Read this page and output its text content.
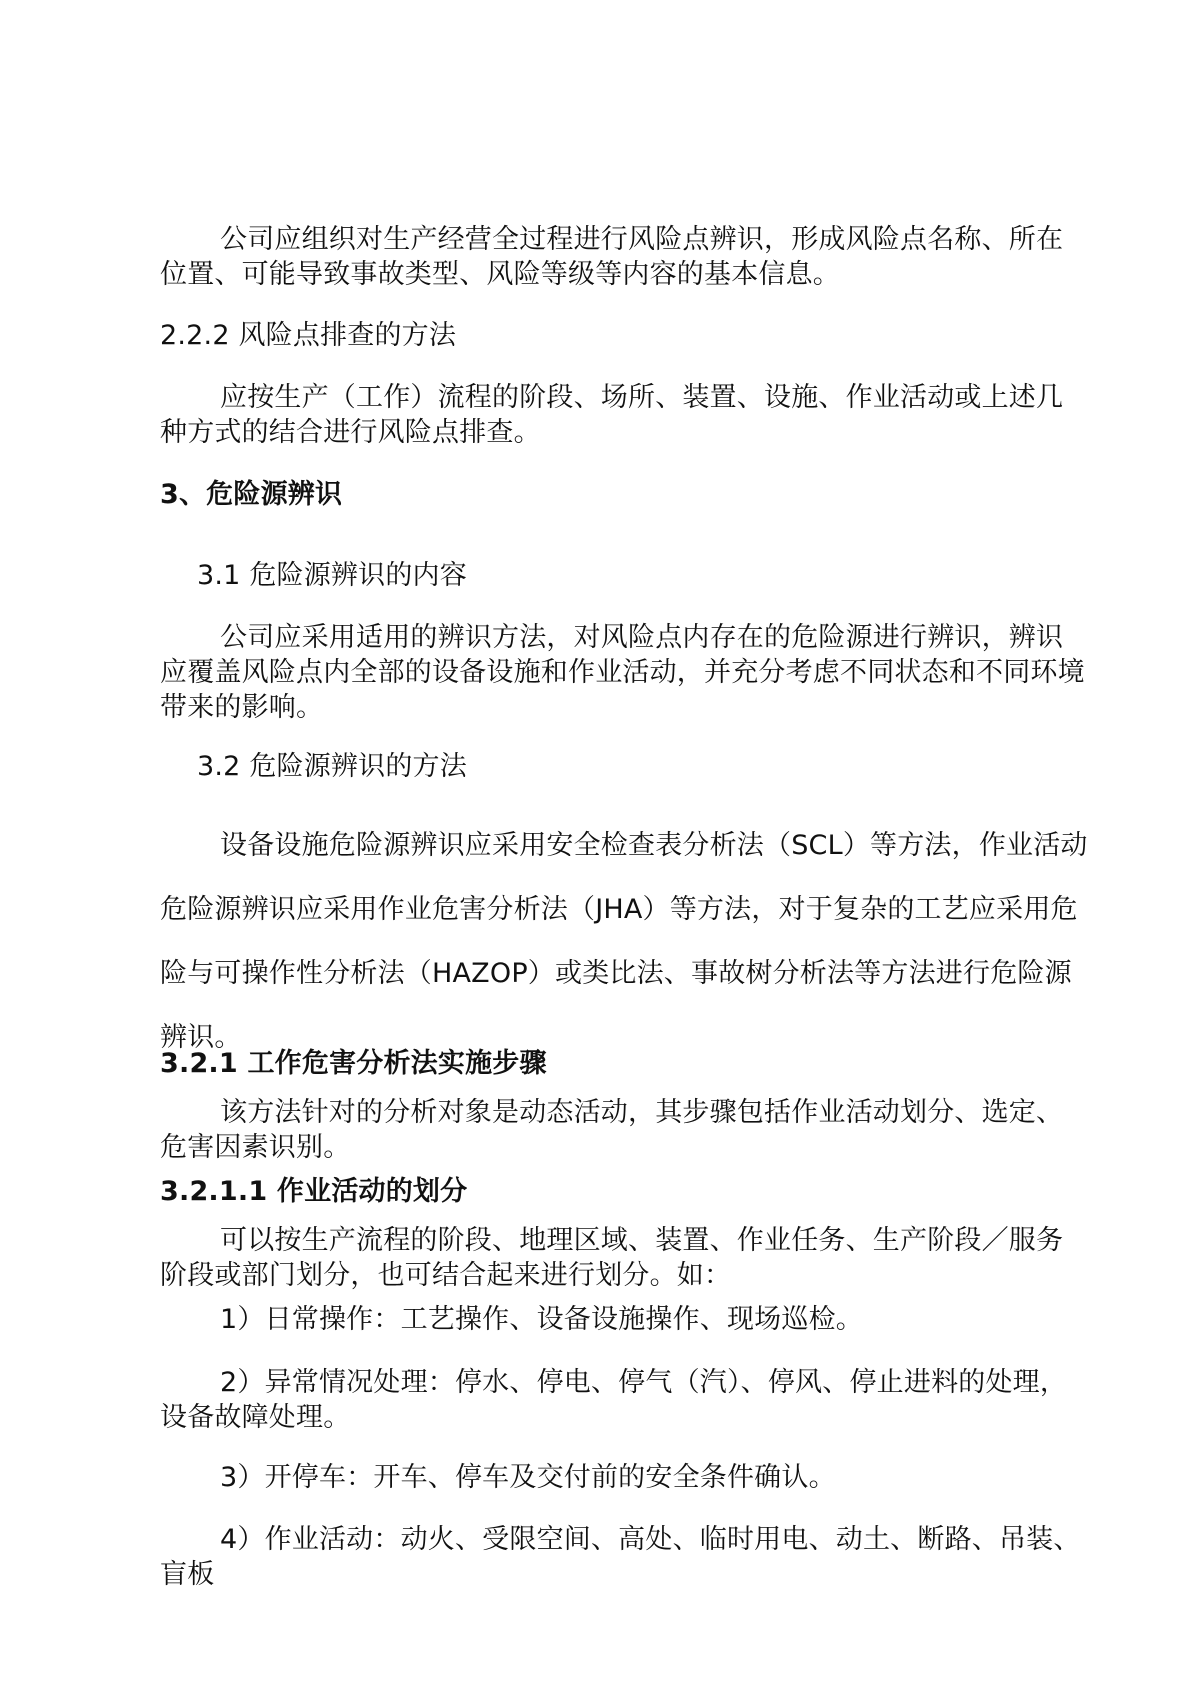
公司应组织对生产经营全过程进行风险点辨识，形成风险点名称、所在位置、可能导致事故类型、风险等级等内容的基本信息。

2.2.2 风险点排查的方法

应按生产（工作）流程的阶段、场所、装置、设施、作业活动或上述几种方式的结合进行风险点排查。

3、危险源辨识

3.1 危险源辨识的内容

公司应采用适用的辨识方法，对风险点内存在的危险源进行辨识，辨识应覆盖风险点内全部的设备设施和作业活动，并充分考虑不同状态和不同环境带来的影响。

3.2 危险源辨识的方法

设备设施危险源辨识应采用安全检查表分析法（SCL）等方法，作业活动危险源辨识应采用作业危害分析法（JHA）等方法，对于复杂的工艺应采用危险与可操作性分析法（HAZOP）或类比法、事故树分析法等方法进行危险源辨识。

3.2.1 工作危害分析法实施步骤

该方法针对的分析对象是动态活动，其步骤包括作业活动划分、选定、危害因素识别。

3.2.1.1 作业活动的划分

可以按生产流程的阶段、地理区域、装置、作业任务、生产阶段／服务阶段或部门划分，也可结合起来进行划分。如：

1）日常操作：工艺操作、设备设施操作、现场巡检。

2）异常情况处理：停水、停电、停气（汽）、停风、停止进料的处理，设备故障处理。

3）开停车：开车、停车及交付前的安全条件确认。

4）作业活动：动火、受限空间、高处、临时用电、动土、断路、吊装、盲板
